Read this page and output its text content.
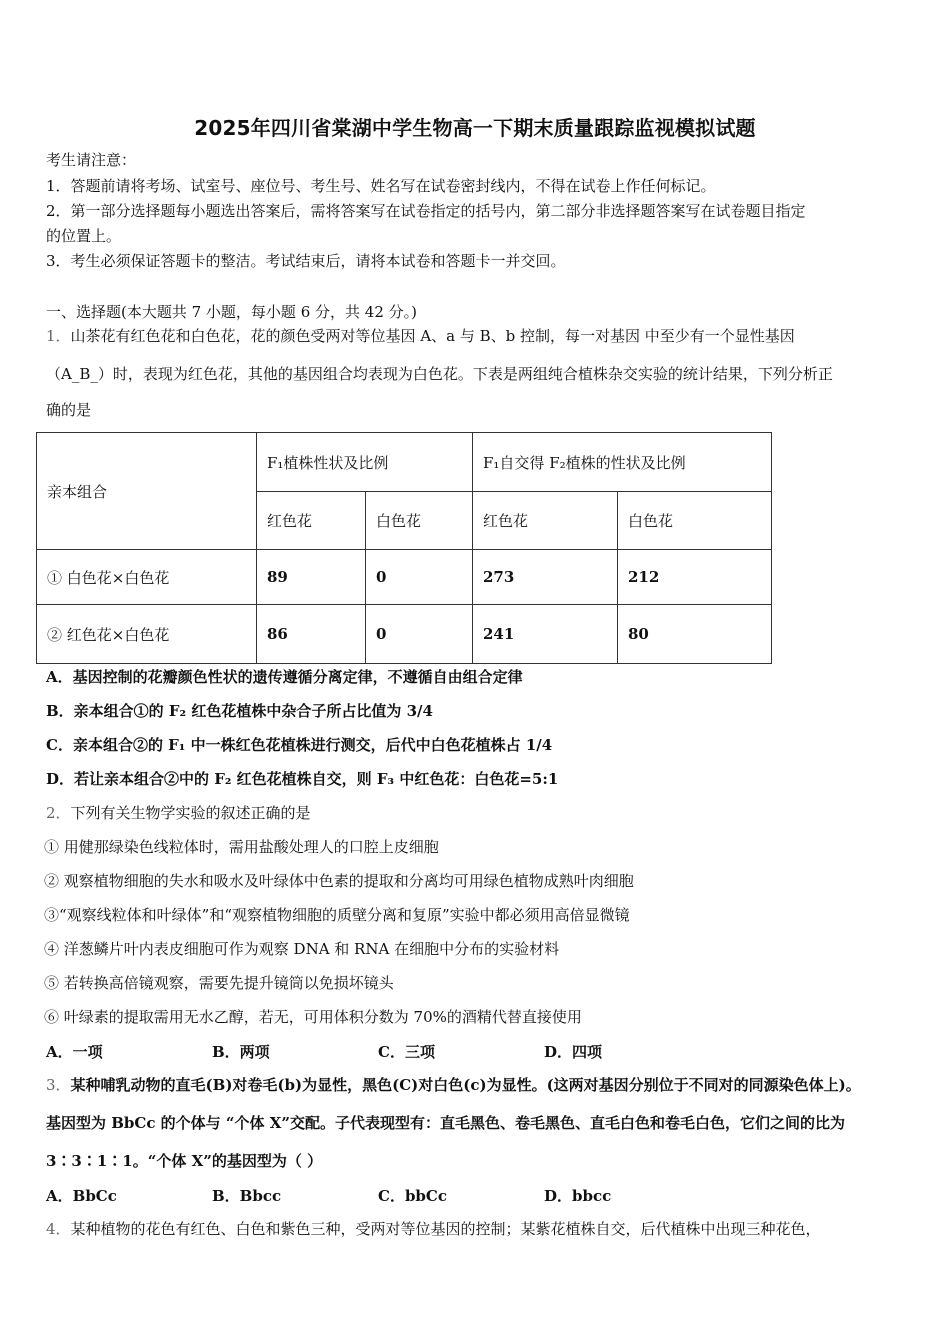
2025年四川省棠湖中学生物高一下期末质量跟踪监视模拟试题
考生请注意：
1．答题前请将考场、试室号、座位号、考生号、姓名写在试卷密封线内，不得在试卷上作任何标记。
2．第一部分选择题每小题选出答案后，需将答案写在试卷指定的括号内，第二部分非选择题答案写在试卷题目指定
的位置上。
3．考生必须保证答题卡的整洁。考试结束后，请将本试卷和答题卡一并交回。
一、选择题(本大题共 7 小题，每小题 6 分，共 42 分。)
1．山茶花有红色花和白色花，花的颜色受两对等位基因 A、a 与 B、b 控制，每一对基因 中至少有一个显性基因
（A_B_）时，表现为红色花，其他的基因组合均表现为白色花。下表是两组纯合植株杂交实验的统计结果，下列分析正
确的是
亲本组合	F₁植株性状及比例		F₁自交得 F₂植株的性状及比例	
	红色花	白色花	红色花	白色花
① 白色花×白色花	89	0	273	212
② 红色花×白色花	86	0	241	80
A．基因控制的花瓣颜色性状的遗传遵循分离定律，不遵循自由组合定律
B．亲本组合①的 F₂ 红色花植株中杂合子所占比值为 3/4
C．亲本组合②的 F₁ 中一株红色花植株进行测交，后代中白色花植株占 1/4
D．若让亲本组合②中的 F₂ 红色花植株自交，则 F₃ 中红色花：白色花=5:1
2．下列有关生物学实验的叙述正确的是
① 用健那绿染色线粒体时，需用盐酸处理人的口腔上皮细胞
② 观察植物细胞的失水和吸水及叶绿体中色素的提取和分离均可用绿色植物成熟叶肉细胞
③“观察线粒体和叶绿体”和“观察植物细胞的质壁分离和复原”实验中都必须用高倍显微镜
④ 洋葱鳞片叶内表皮细胞可作为观察 DNA 和 RNA 在细胞中分布的实验材料
⑤ 若转换高倍镜观察，需要先提升镜筒以免损坏镜头
⑥ 叶绿素的提取需用无水乙醇，若无，可用体积分数为 70%的酒精代替直接使用
A．一项	B．两项	C．三项	D．四项
3．某种哺乳动物的直毛(B)对卷毛(b)为显性，黑色(C)对白色(c)为显性。(这两对基因分别位于不同对的同源染色体上)。
基因型为 BbCc 的个体与 “个体 X”交配。子代表现型有：直毛黑色、卷毛黑色、直毛白色和卷毛白色，它们之间的比为
3∶3∶1∶1。“个体 X”的基因型为（ ）
A．BbCc	B．Bbcc	C．bbCc	D．bbcc
4．某种植物的花色有红色、白色和紫色三种，受两对等位基因的控制；某紫花植株自交，后代植株中出现三种花色，
